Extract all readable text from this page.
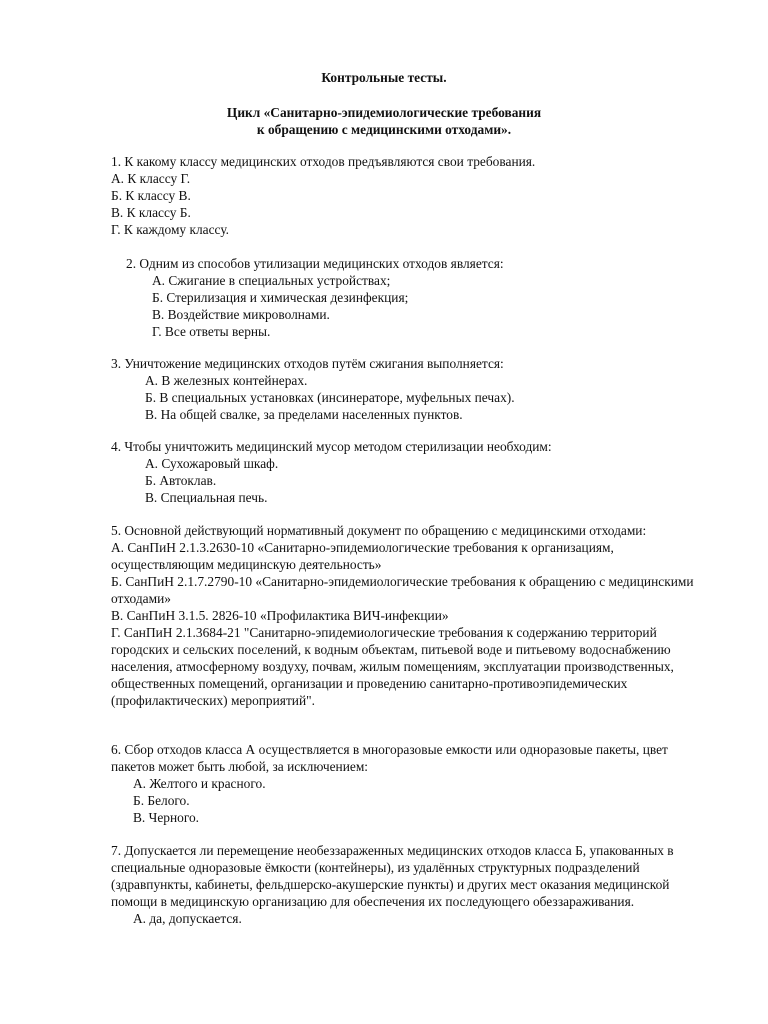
Контрольные тесты.
Цикл «Санитарно-эпидемиологические требования
к обращению с медицинскими отходами».
1. К какому классу медицинских отходов предъявляются свои требования.
А. К классу Г.
Б. К классу В.
В. К классу Б.
Г. К каждому классу.
2. Одним из способов утилизации медицинских отходов является:
А. Сжигание в специальных устройствах;
Б. Стерилизация и химическая дезинфекция;
В. Воздействие микроволнами.
Г. Все ответы верны.
3. Уничтожение медицинских отходов путём сжигания выполняется:
А. В железных контейнерах.
Б. В специальных установках (инсинераторе, муфельных печах).
В. На общей свалке, за пределами населенных пунктов.
4. Чтобы уничтожить медицинский мусор методом стерилизации необходим:
А. Сухожаровый шкаф.
Б. Автоклав.
В. Специальная печь.
5. Основной действующий нормативный документ по обращению с медицинскими отходами:
А. СанПиН 2.1.3.2630-10 «Санитарно-эпидемиологические требования к организациям, осуществляющим медицинскую деятельность»
Б. СанПиН 2.1.7.2790-10 «Санитарно-эпидемиологические требования к обращению с медицинскими отходами»
В. СанПиН 3.1.5. 2826-10 «Профилактика ВИЧ-инфекции»
Г. СанПиН 2.1.3684-21 "Санитарно-эпидемиологические требования к содержанию территорий городских и сельских поселений, к водным объектам, питьевой воде и питьевому водоснабжению населения, атмосферному воздуху, почвам, жилым помещениям, эксплуатации производственных, общественных помещений, организации и проведению санитарно-противоэпидемических (профилактических) мероприятий".
6. Сбор отходов класса А осуществляется в многоразовые емкости или одноразовые пакеты, цвет пакетов может быть любой, за исключением:
А. Желтого и красного.
Б. Белого.
В. Черного.
7. Допускается ли перемещение необеззараженных медицинских отходов класса Б, упакованных в специальные одноразовые ёмкости (контейнеры), из удалённых структурных подразделений (здравпункты, кабинеты, фельдшерско-акушерские пункты) и других мест оказания медицинской помощи в медицинскую организацию для обеспечения их последующего обеззараживания.
А. да, допускается.
